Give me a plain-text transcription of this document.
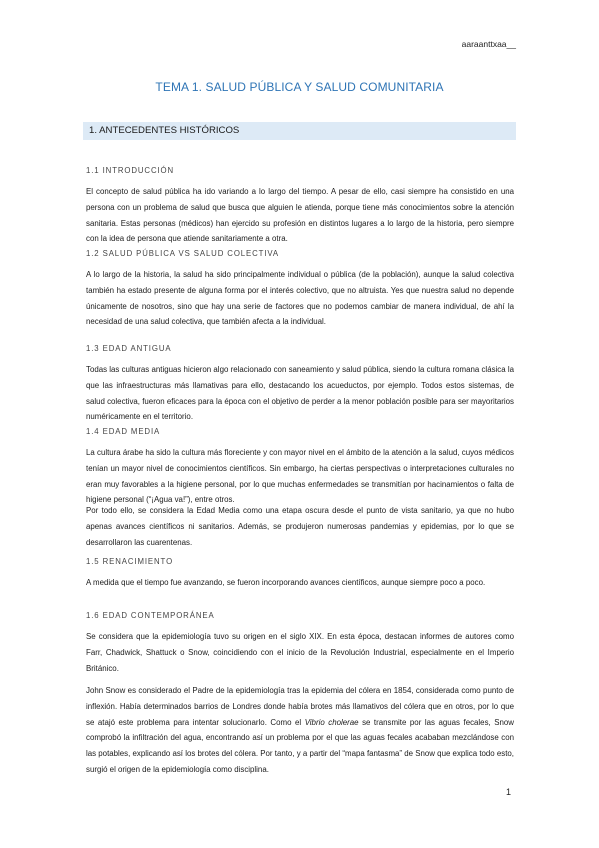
aaraanttxaa__
TEMA 1. SALUD PÚBLICA Y SALUD COMUNITARIA
1. ANTECEDENTES HISTÓRICOS
1.1 INTRODUCCIÓN

El concepto de salud pública ha ido variando a lo largo del tiempo. A pesar de ello, casi siempre ha consistido en una persona con un problema de salud que busca que alguien le atienda, porque tiene más conocimientos sobre la atención sanitaria. Estas personas (médicos) han ejercido su profesión en distintos lugares a lo largo de la historia, pero siempre con la idea de persona que atiende sanitariamente a otra.

1.2 SALUD PÚBLICA VS SALUD COLECTIVA

A lo largo de la historia, la salud ha sido principalmente individual o pública (de la población), aunque la salud colectiva también ha estado presente de alguna forma por el interés colectivo, que no altruista. Yes que nuestra salud no depende únicamente de nosotros, sino que hay una serie de factores que no podemos cambiar de manera individual, de ahí la necesidad de una salud colectiva, que también afecta a la individual.

1.3 EDAD ANTIGUA

Todas las culturas antiguas hicieron algo relacionado con saneamiento y salud pública, siendo la cultura romana clásica la que las infraestructuras más llamativas para ello, destacando los acueductos, por ejemplo. Todos estos sistemas, de salud colectiva, fueron eficaces para la época con el objetivo de perder a la menor población posible para ser mayoritarios numéricamente en el territorio.

1.4 EDAD MEDIA

La cultura árabe ha sido la cultura más floreciente y con mayor nivel en el ámbito de la atención a la salud, cuyos médicos tenían un mayor nivel de conocimientos científicos. Sin embargo, ha ciertas perspectivas o interpretaciones culturales no eran muy favorables a la higiene personal, por lo que muchas enfermedades se transmitían por hacinamientos o falta de higiene personal (“¡Agua va!”), entre otros.

Por todo ello, se considera la Edad Media como una etapa oscura desde el punto de vista sanitario, ya que no hubo apenas avances científicos ni sanitarios. Además, se produjeron numerosas pandemias y epidemias, por lo que se desarrollaron las cuarentenas.

1.5 RENACIMIENTO

A medida que el tiempo fue avanzando, se fueron incorporando avances científicos, aunque siempre poco a poco.

1.6 EDAD CONTEMPORÁNEA

Se considera que la epidemiología tuvo su origen en el siglo XIX. En esta época, destacan informes de autores como Farr, Chadwick, Shattuck o Snow, coincidiendo con el inicio de la Revolución Industrial, especialmente en el Imperio Británico.

John Snow es considerado el Padre de la epidemiología tras la epidemia del cólera en 1854, considerada como punto de inflexión. Había determinados barrios de Londres donde había brotes más llamativos del cólera que en otros, por lo que se atajó este problema para intentar solucionarlo. Como el Vibrio cholerae se transmite por las aguas fecales, Snow comprobó la infiltración del agua, encontrando así un problema por el que las aguas fecales acababan mezclándose con las potables, explicando así los brotes del cólera. Por tanto, y a partir del “mapa fantasma” de Snow que explica todo esto, surgió el origen de la epidemiología como disciplina.

1
